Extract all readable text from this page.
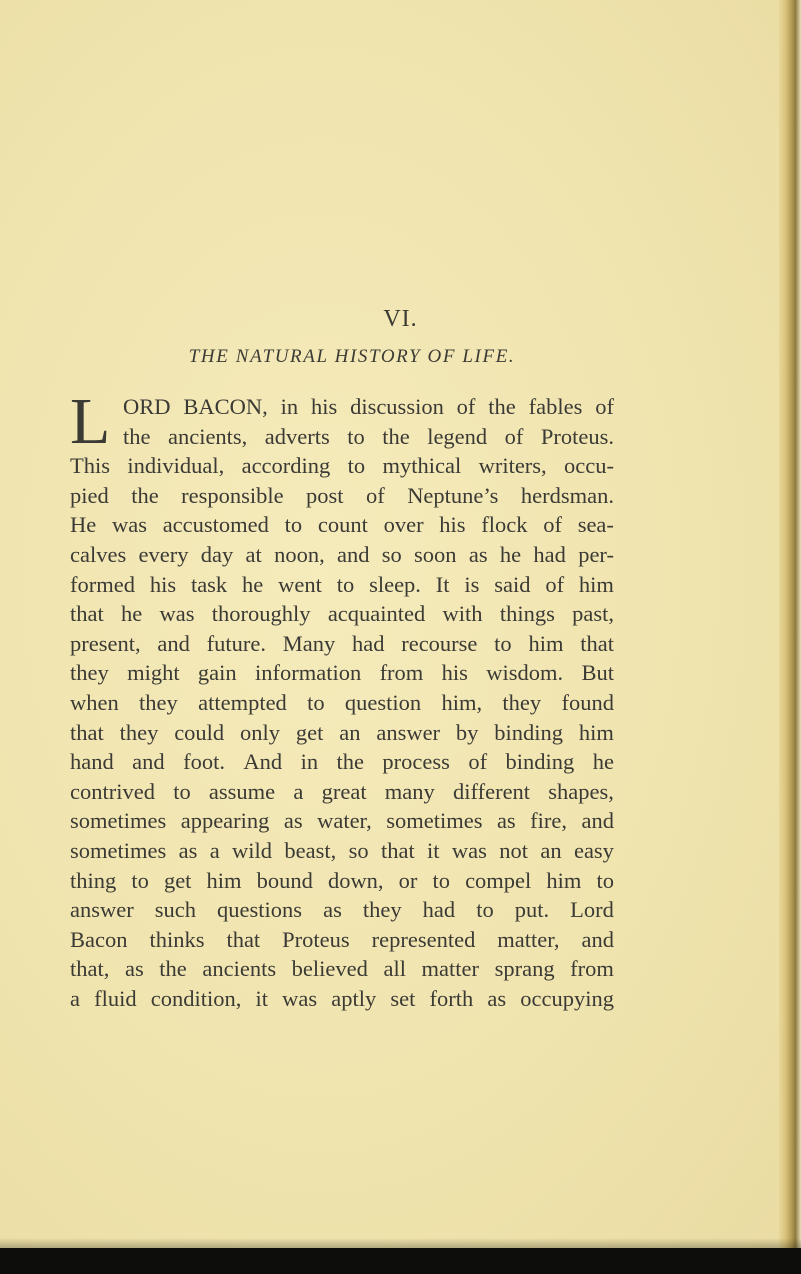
VI.
THE NATURAL HISTORY OF LIFE.
L ORD BACON, in his discussion of the fables of
the ancients, adverts to the legend of Proteus.
This individual, according to mythical writers, occu-
pied the responsible post of Neptune’s herdsman.
He was accustomed to count over his flock of sea-
calves every day at noon, and so soon as he had per-
formed his task he went to sleep. It is said of him
that he was thoroughly acquainted with things past,
present, and future. Many had recourse to him that
they might gain information from his wisdom. But
when they attempted to question him, they found
that they could only get an answer by binding him
hand and foot. And in the process of binding he
contrived to assume a great many different shapes,
sometimes appearing as water, sometimes as fire, and
sometimes as a wild beast, so that it was not an easy
thing to get him bound down, or to compel him to
answer such questions as they had to put. Lord
Bacon thinks that Proteus represented matter, and
that, as the ancients believed all matter sprang from
a fluid condition, it was aptly set forth as occupying
